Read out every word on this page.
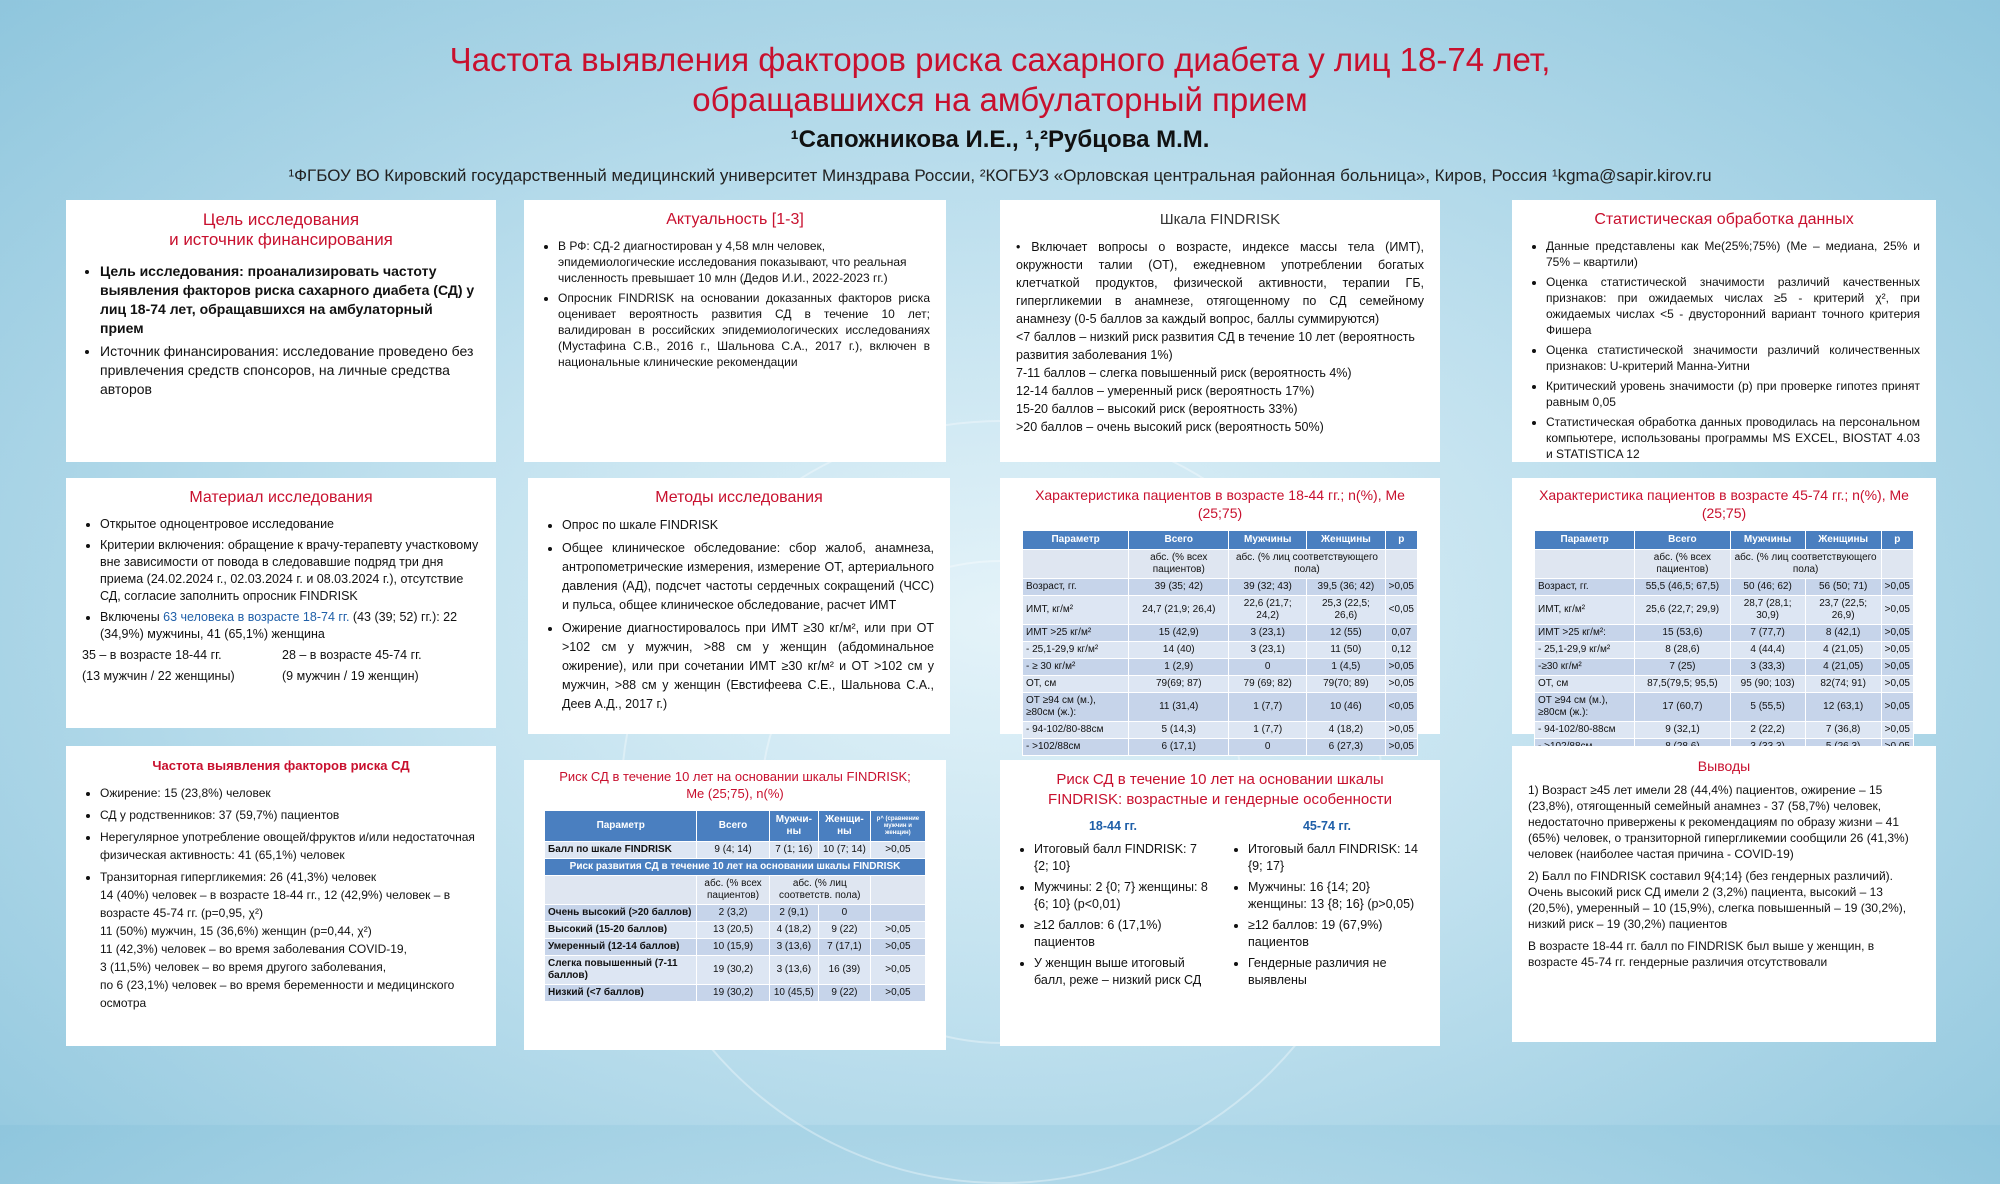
Частота выявления факторов риска сахарного диабета у лиц 18-74 лет,
обращавшихся на амбулаторный прием
¹Сапожникова И.Е., ¹,²Рубцова М.М.
¹ФГБОУ ВО Кировский государственный медицинский университет Минздрава России, ²КОГБУЗ «Орловская центральная районная больница», Киров, Россия ¹kgma@sapir.kirov.ru
Цель исследования
и источник финансирования
• Цель исследования: проанализировать частоту выявления факторов риска сахарного диабета (СД) у лиц 18-74 лет, обращавшихся на амбулаторный прием
• Источник финансирования: исследование проведено без привлечения средств спонсоров, на личные средства авторов
Актуальность [1-3]
• В РФ: СД-2 диагностирован у 4,58 млн человек, эпидемиологические исследования показывают, что реальная численность превышает 10 млн (Дедов И.И., 2022-2023 гг.)
• Опросник FINDRISK на основании доказанных факторов риска оценивает вероятность развития СД в течение 10 лет; валидирован в российских эпидемиологических исследованиях (Мустафина С.В., 2016 г., Шальнова С.А., 2017 г.), включен в национальные клинические рекомендации
Шкала FINDRISK
• Включает вопросы о возрасте, индексе массы тела (ИМТ), окружности талии (ОТ), ежедневном употреблении богатых клетчаткой продуктов, физической активности, терапии ГБ, гипергликемии в анамнезе, отягощенному по СД семейному анамнезу (0-5 баллов за каждый вопрос, баллы суммируются)
<7 баллов – низкий риск развития СД в течение 10 лет (вероятность развития заболевания 1%)
7-11 баллов – слегка повышенный риск (вероятность 4%)
12-14 баллов – умеренный риск (вероятность 17%)
15-20 баллов – высокий риск (вероятность 33%)
>20 баллов – очень высокий риск (вероятность 50%)
Статистическая обработка данных
• Данные представлены как Me(25%;75%) (Me – медиана, 25% и 75% – квартили)
• Оценка статистической значимости различий качественных признаков: при ожидаемых числах ≥5 - критерий χ², при ожидаемых числах <5 - двусторонний вариант точного критерия Фишера
• Оценка статистической значимости различий количественных признаков: U-критерий Манна-Уитни
• Критический уровень значимости (p) при проверке гипотез принят равным 0,05
• Статистическая обработка данных проводилась на персональном компьютере, использованы программы MS EXCEL, BIOSTAT 4.03 и STATISTICA 12
Материал исследования
• Открытое одноцентровое исследование
• Критерии включения: обращение к врачу-терапевту участковому вне зависимости от повода в следовавшие подряд три дня приема (24.02.2024 г., 02.03.2024 г. и 08.03.2024 г.), отсутствие СД, согласие заполнить опросник FINDRISK
• Включены 63 человека в возрасте 18-74 гг. (43 (39; 52) гг.): 22 (34,9%) мужчины, 41 (65,1%) женщина
35 – в возрасте 18-44 гг.	28 – в возрасте 45-74 гг.
(13 мужчин / 22 женщины)	(9 мужчин / 19 женщин)
Методы исследования
• Опрос по шкале FINDRISK
• Общее клиническое обследование: сбор жалоб, анамнеза, антропометрические измерения, измерение ОТ, артериального давления (АД), подсчет частоты сердечных сокращений (ЧСС) и пульса, общее клиническое обследование, расчет ИМТ
• Ожирение диагностировалось при ИМТ ≥30 кг/м², или при ОТ >102 см у мужчин, >88 см у женщин (абдоминальное ожирение), или при сочетании ИМТ ≥30 кг/м² и ОТ >102 см у мужчин, >88 см у женщин (Евстифеева С.Е., Шальнова С.А., Деев А.Д., 2017 г.)
Характеристика пациентов в возрасте 18-44 гг.; n(%), Me (25;75)
Параметр	Всего	Мужчины	Женщины	p
	абс. (% всех пациентов)	абс. (% лиц соответствующего пола)		
Возраст, гг.	39 (35; 42)	39 (32; 43)	39,5 (36; 42)	>0,05
ИМТ, кг/м²	24,7 (21,9; 26,4)	22,6 (21,7; 24,2)	25,3 (22,5; 26,6)	<0,05
ИМТ >25 кг/м²	15 (42,9)	3 (23,1)	12 (55)	0,07
- 25,1-29,9 кг/м²	14 (40)	3 (23,1)	11 (50)	0,12
- ≥ 30 кг/м²	1 (2,9)	0	1 (4,5)	>0,05
ОТ, см	79(69; 87)	79 (69; 82)	79(70; 89)	>0,05
ОТ ≥94 см (м.), ≥80см (ж.):	11 (31,4)	1 (7,7)	10 (46)	<0,05
- 94-102/80-88см	5 (14,3)	1 (7,7)	4 (18,2)	>0,05
- >102/88см	6 (17,1)	0	6 (27,3)	>0,05
Характеристика пациентов в возрасте 45-74 гг.; n(%), Me (25;75)
Параметр	Всего	Мужчины	Женщины	p
	абс. (% всех пациентов)	абс. (% лиц соответствующего пола)		
Возраст, гг.	55,5 (46,5; 67,5)	50 (46; 62)	56 (50; 71)	>0,05
ИМТ, кг/м²	25,6 (22,7; 29,9)	28,7 (28,1; 30,9)	23,7 (22,5; 26,9)	>0,05
ИМТ >25 кг/м²:	15 (53,6)	7 (77,7)	8 (42,1)	>0,05
- 25,1-29,9 кг/м²	8 (28,6)	4 (44,4)	4 (21,05)	>0,05
-≥30 кг/м²	7 (25)	3 (33,3)	4 (21,05)	>0,05
ОТ, см	87,5(79,5; 95,5)	95 (90; 103)	82(74; 91)	>0,05
ОТ ≥94 см (м.), ≥80см (ж.):	17 (60,7)	5 (55,5)	12 (63,1)	>0,05
- 94-102/80-88см	9 (32,1)	2 (22,2)	7 (36,8)	>0,05

Частота выявления факторов риска СД
• Ожирение: 15 (23,8%) человек
• СД у родственников: 37 (59,7%) пациентов
• Нерегулярное употребление овощей/фруктов и/или недостаточная физическая активность: 41 (65,1%) человек
• Транзиторная гипергликемия: 26 (41,3%) человек
14 (40%) человек – в возрасте 18-44 гг., 12 (42,9%) человек – в возрасте 45-74 гг. (p=0,95, χ²)
11 (50%) мужчин, 15 (36,6%) женщин (p=0,44, χ²)
11 (42,3%) человек – во время заболевания COVID-19,
3 (11,5%) человек – во время другого заболевания,
по 6 (23,1%) человек – во время беременности и медицинского осмотра
Риск СД в течение 10 лет на основании шкалы FINDRISK;
Me (25;75), n(%)
Параметр	Всего	Мужчи-ны	Женщи-ны	p^ (сравнение мужчин и женщин)
Балл по шкале FINDRISK	9 (4; 14)	7 (1; 16)	10 (7; 14)	>0,05
Риск развития СД в течение 10 лет на основании шкалы FINDRISK				
	абс. (% всех пациентов)	абс. (% лиц соответств. пола)		
Очень высокий (>20 баллов)	2 (3,2)	2 (9,1)	0	
Высокий (15-20 баллов)	13 (20,5)	4 (18,2)	9 (22)	>0,05
Умеренный (12-14 баллов)	10 (15,9)	3 (13,6)	7 (17,1)	>0,05
Слегка повышенный (7-11 баллов)	19 (30,2)	3 (13,6)	16 (39)	>0,05
Низкий (<7 баллов)	19 (30,2)	10 (45,5)	9 (22)	>0,05
Риск СД в течение 10 лет на основании шкалы
FINDRISK: возрастные и гендерные особенности
18-44 гг.
• Итоговый балл FINDRISK: 7 {2; 10}
• Мужчины: 2 {0; 7} женщины: 8 {6; 10} (p<0,01)
• ≥12 баллов: 6 (17,1%) пациентов
• У женщин выше итоговый балл, реже – низкий риск СД
45-74 гг.
• Итоговый балл FINDRISK: 14 {9; 17}
• Мужчины: 16 {14; 20} женщины: 13 {8; 16} (p>0,05)
• ≥12 баллов: 19 (67,9%) пациентов
• Гендерные различия не выявлены
Выводы
1) Возраст ≥45 лет имели 28 (44,4%) пациентов, ожирение – 15 (23,8%), отягощенный семейный анамнез - 37 (58,7%) человек, недостаточно привержены к рекомендациям по образу жизни – 41 (65%) человек, о транзиторной гипергликемии сообщили 26 (41,3%) человек (наиболее частая причина - COVID-19)
2) Балл по FINDRISK составил 9{4;14} (без гендерных различий). Очень высокий риск СД имели 2 (3,2%) пациента, высокий – 13 (20,5%), умеренный – 10 (15,9%), слегка повышенный – 19 (30,2%), низкий риск – 19 (30,2%) пациентов
В возрасте 18-44 гг. балл по FINDRISK был выше у женщин, в возрасте 45-74 гг. гендерные различия отсутствовали
